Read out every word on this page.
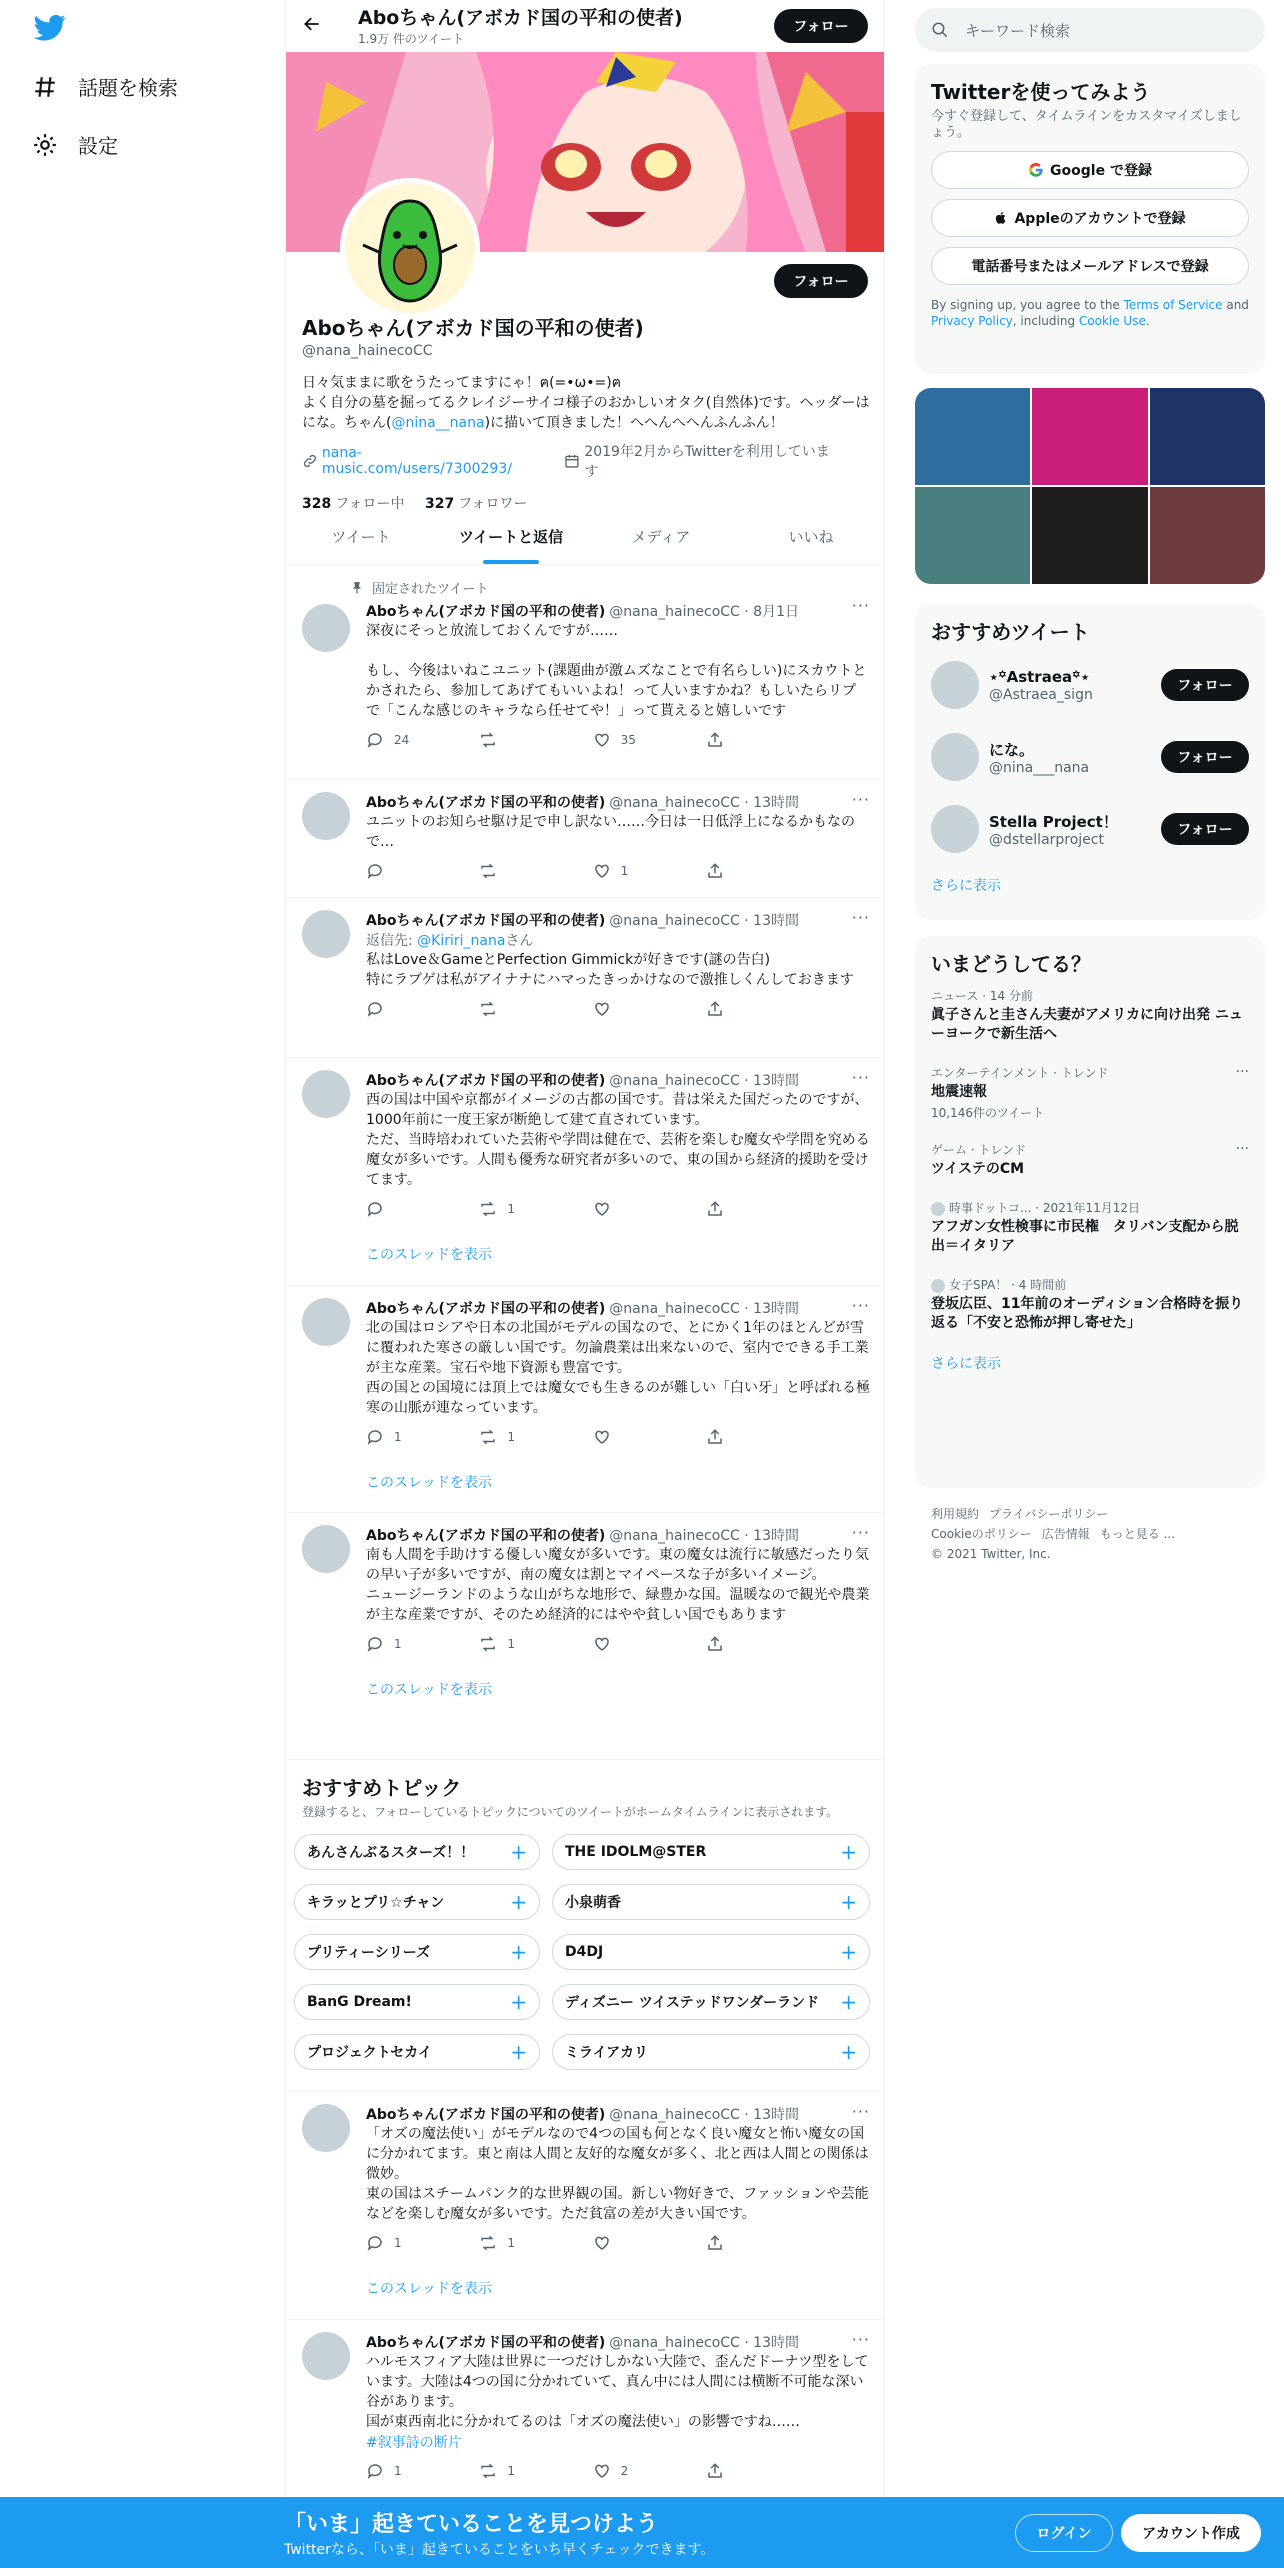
話題を検索
設定
Aboちゃん(アボカド国の平和の使者)
1.9万 件のツイート
フォロー
フォロー
Aboちゃん(アボカド国の平和の使者)
@nana_hainecoCC
日々気ままに歌をうたってますにゃ！ฅ(=•ω•=)ฅ
よく自分の墓を掘ってるクレイジーサイコ様子のおかしいオタク(自然体)です。ヘッダーはにな。ちゃん(@nina__nana)に描いて頂きました！へへんへへんふんふん！
nana-music.com/users/7300293/
2019年2月からTwitterを利用しています
328 フォロー中 327 フォロワー
ツイート	ツイートと返信	メディア	いいね
固定されたツイート
···
Aboちゃん(アボカド国の平和の使者) @nana_hainecoCC · 8月1日
深夜にそっと放流しておくんですが……

もし、今後はいねこユニット(課題曲が激ムズなことで有名らしい)にスカウトとかされたら、参加してあげてもいいよね！って人いますかね？もしいたらリプで「こんな感じのキャラなら任せてや！」って貰えると嬉しいです
24	35
···
Aboちゃん(アボカド国の平和の使者) @nana_hainecoCC · 13時間
ユニットのお知らせ駆け足で申し訳ない……今日は一日低浮上になるかもなので…
1
···
Aboちゃん(アボカド国の平和の使者) @nana_hainecoCC · 13時間
返信先: @Kiriri_nanaさん
私はLove＆GameとPerfection Gimmickが好きです(謎の告白)
特にラブゲは私がアイナナにハマったきっかけなので激推しくんしておきます
···
Aboちゃん(アボカド国の平和の使者) @nana_hainecoCC · 13時間
西の国は中国や京都がイメージの古都の国です。昔は栄えた国だったのですが、1000年前に一度王家が断絶して建て直されています。
ただ、当時培われていた芸術や学問は健在で、芸術を楽しむ魔女や学問を究める魔女が多いです。人間も優秀な研究者が多いので、東の国から経済的援助を受けてます。
1
このスレッドを表示
···
Aboちゃん(アボカド国の平和の使者) @nana_hainecoCC · 13時間
北の国はロシアや日本の北国がモデルの国なので、とにかく1年のほとんどが雪に覆われた寒さの厳しい国です。勿論農業は出来ないので、室内でできる手工業が主な産業。宝石や地下資源も豊富です。
西の国との国境には頂上では魔女でも生きるのが難しい「白い牙」と呼ばれる極寒の山脈が連なっています。
1	1
このスレッドを表示
···
Aboちゃん(アボカド国の平和の使者) @nana_hainecoCC · 13時間
南も人間を手助けする優しい魔女が多いです。東の魔女は流行に敏感だったり気の早い子が多いですが、南の魔女は割とマイペースな子が多いイメージ。
ニュージーランドのような山がちな地形で、緑豊かな国。温暖なので観光や農業が主な産業ですが、そのため経済的にはやや貧しい国でもあります
1	1
このスレッドを表示
おすすめトピック
登録すると、フォローしているトピックについてのツイートがホームタイムラインに表示されます。
あんさんぶるスターズ！！ +	THE IDOLM@STER	+
キラッとプリ☆チャン	+	小泉萌香	+
プリティーシリーズ	+	D4DJ	+
BanG Dream!	+	ディズニー ツイステッドワンダーランド +
プロジェクトセカイ	+	ミライアカリ	+
···
Aboちゃん(アボカド国の平和の使者) @nana_hainecoCC · 13時間
「オズの魔法使い」がモデルなので4つの国も何となく良い魔女と怖い魔女の国に分かれてます。東と南は人間と友好的な魔女が多く、北と西は人間との関係は微妙。
東の国はスチームパンク的な世界観の国。新しい物好きで、ファッションや芸能などを楽しむ魔女が多いです。ただ貧富の差が大きい国です。
1	1
このスレッドを表示
···
Aboちゃん(アボカド国の平和の使者) @nana_hainecoCC · 13時間
ハルモスフィア大陸は世界に一つだけしかない大陸で、歪んだドーナツ型をしています。大陸は4つの国に分かれていて、真ん中には人間には横断不可能な深い谷があります。
国が東西南北に分かれてるのは「オズの魔法使い」の影響ですね……
#叙事詩の断片
1	1	2
キーワード検索
Twitterを使ってみよう
今すぐ登録して、タイムラインをカスタマイズしましょう。
Google で登録
Appleのアカウントで登録
電話番号またはメールアドレスで登録
By signing up, you agree to the Terms of Service and Privacy Policy, including Cookie Use.
おすすめツイート
⋆꙳Astraea꙳⋆
@Astraea_sign
フォロー
にな。
@nina___nana
フォロー
Stella Project！
@dstellarproject
フォロー
さらに表示
いまどうしてる？
ニュース · 14 分前
眞子さんと圭さん夫妻がアメリカに向け出発 ニューヨークで新生活へ
エンターテインメント · トレンド
地震速報
10,146件のツイート
···
ゲーム · トレンド
ツイステのCM
···
時事ドットコ... · 2021年11月12日
アフガン女性検事に市民権　タリバン支配から脱出＝イタリア
女子SPA！ · 4 時間前
登坂広臣、11年前のオーディション合格時を振り返る「不安と恐怖が押し寄せた」
さらに表示
利用規約 プライバシーポリシー
Cookieのポリシー 広告情報 もっと見る ...
© 2021 Twitter, Inc.
「いま」起きていることを見つけよう
Twitterなら、「いま」起きていることをいち早くチェックできます。
ログイン	アカウント作成
